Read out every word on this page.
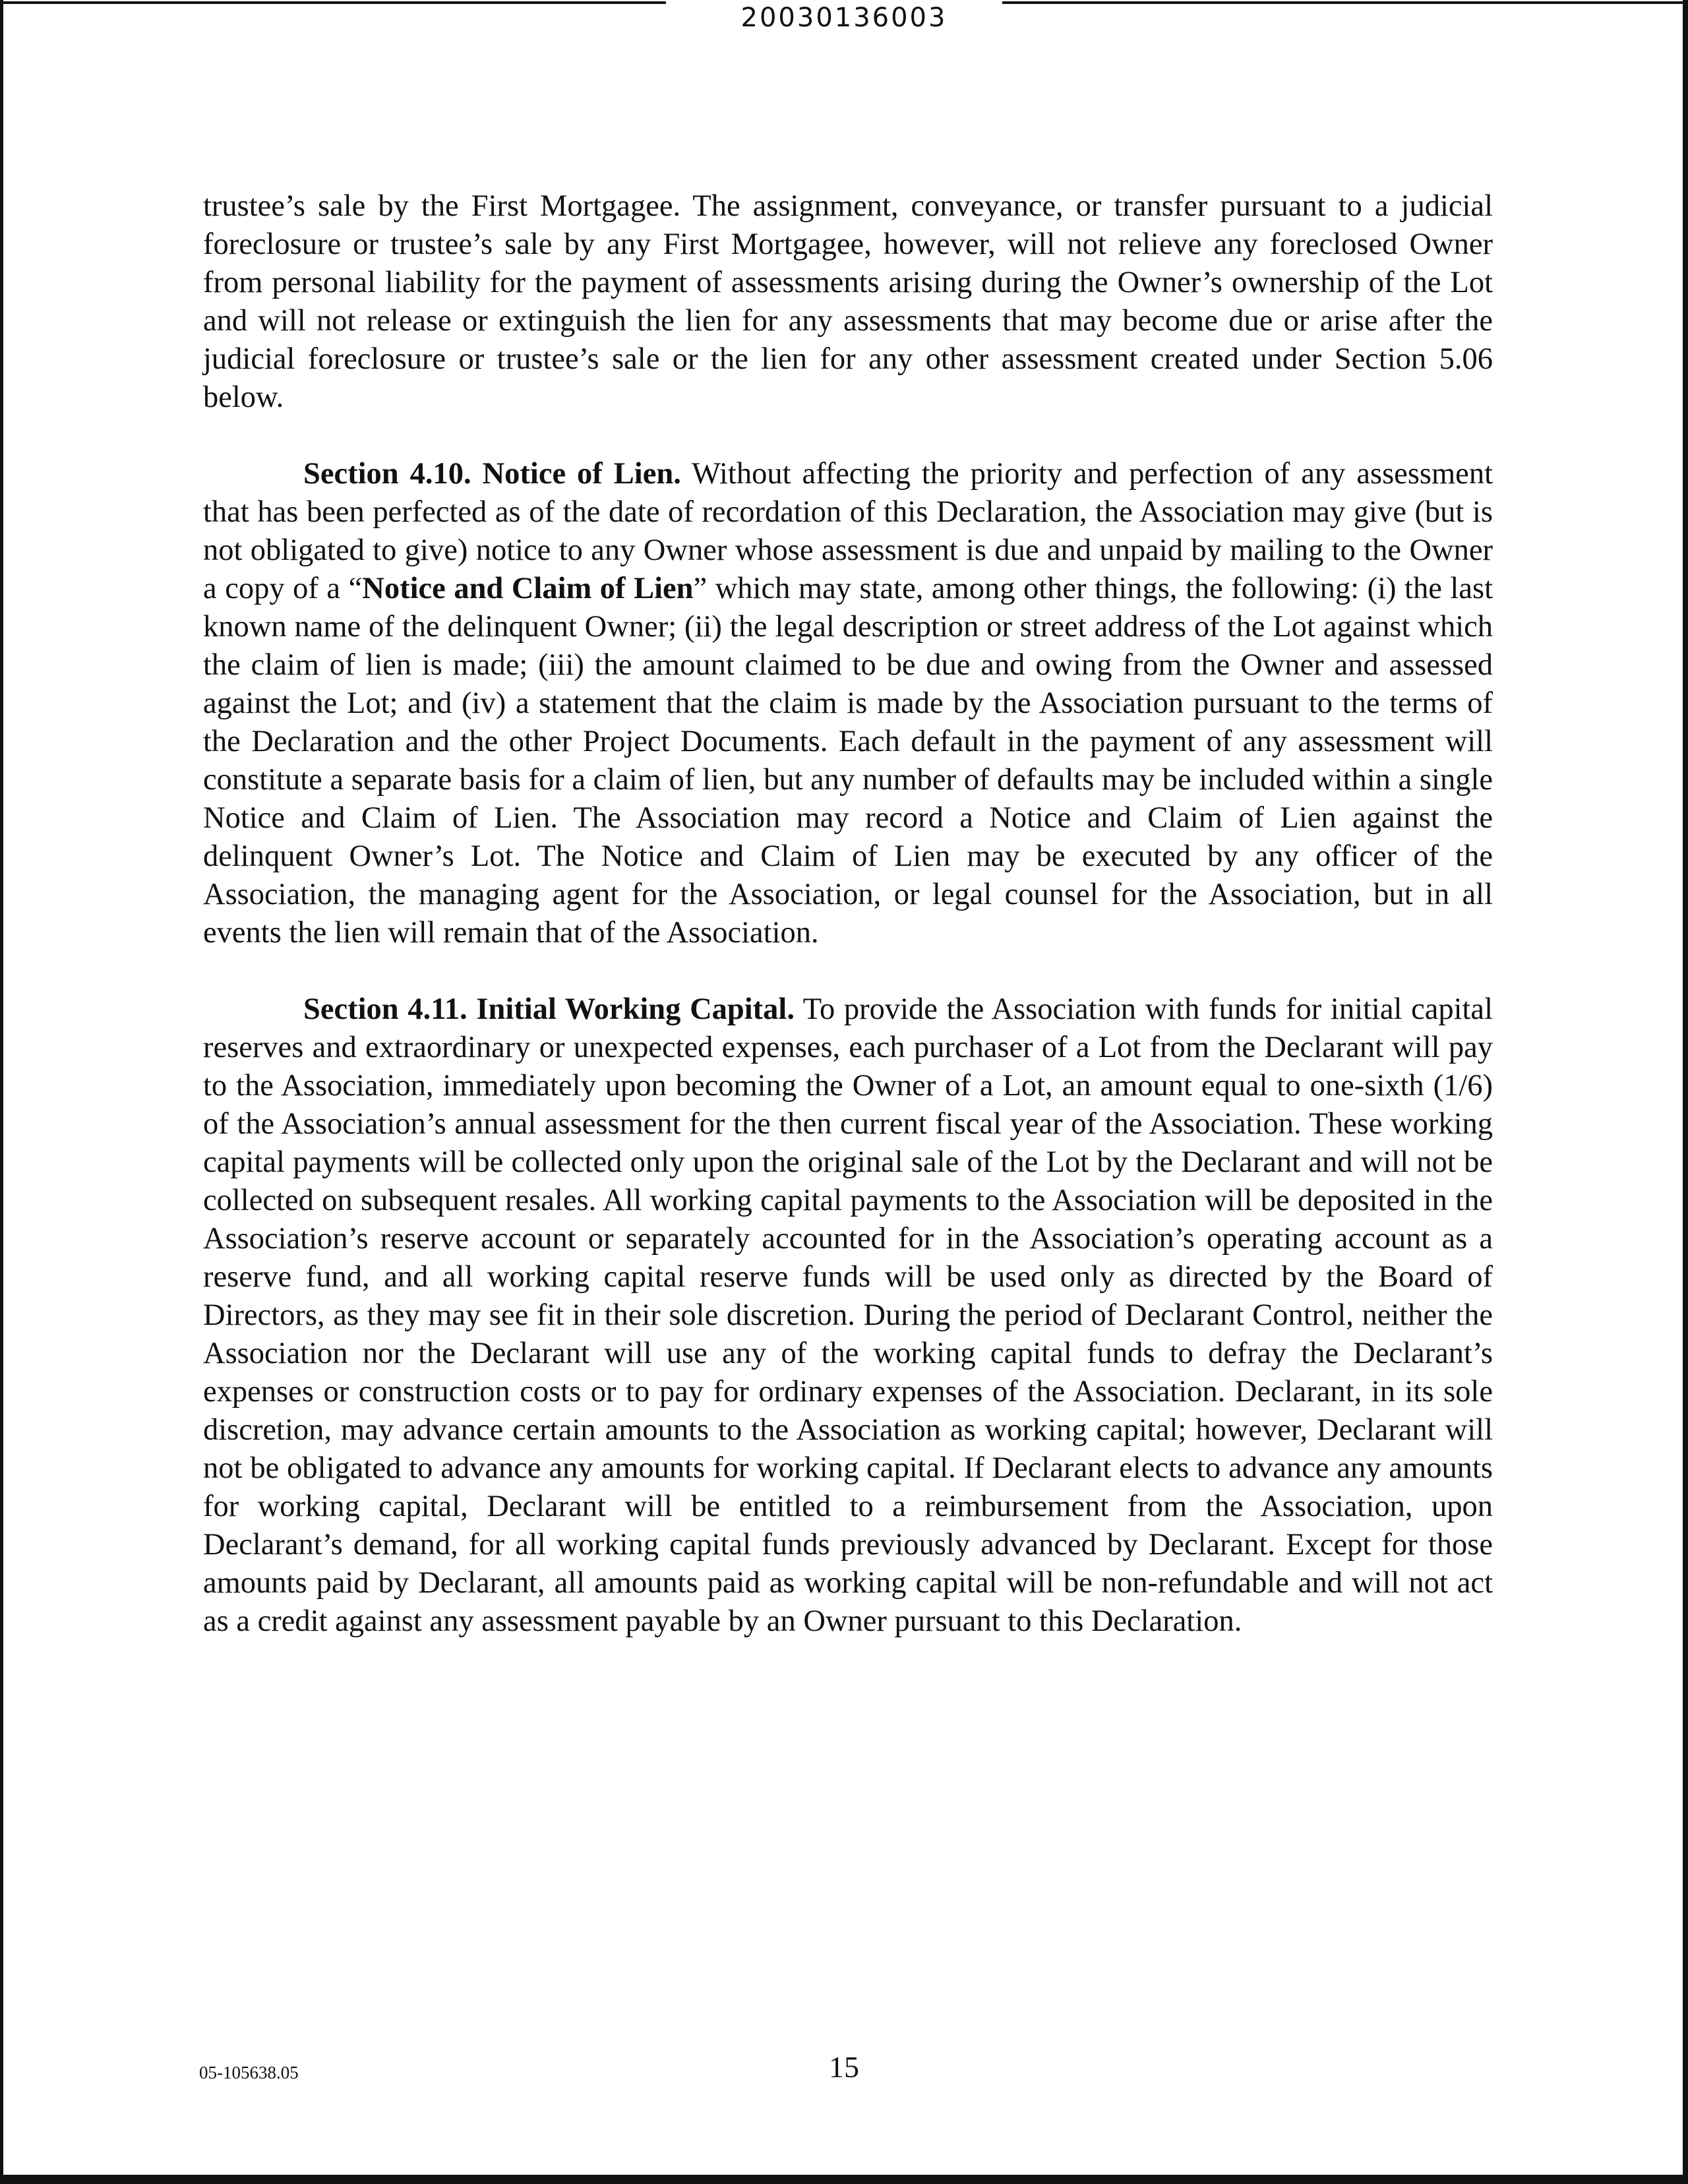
20030136003

trustee’s sale by the First Mortgagee. The assignment, conveyance, or transfer pursuant to a judicial foreclosure or trustee’s sale by any First Mortgagee, however, will not relieve any foreclosed Owner from personal liability for the payment of assessments arising during the Owner’s ownership of the Lot and will not release or extinguish the lien for any assessments that may become due or arise after the judicial foreclosure or trustee’s sale or the lien for any other assessment created under Section 5.06 below.

Section 4.10. Notice of Lien. Without affecting the priority and perfection of any assessment that has been perfected as of the date of recordation of this Declaration, the Association may give (but is not obligated to give) notice to any Owner whose assessment is due and unpaid by mailing to the Owner a copy of a “Notice and Claim of Lien” which may state, among other things, the following: (i) the last known name of the delinquent Owner; (ii) the legal description or street address of the Lot against which the claim of lien is made; (iii) the amount claimed to be due and owing from the Owner and assessed against the Lot; and (iv) a statement that the claim is made by the Association pursuant to the terms of the Declaration and the other Project Documents. Each default in the payment of any assessment will constitute a separate basis for a claim of lien, but any number of defaults may be included within a single Notice and Claim of Lien. The Association may record a Notice and Claim of Lien against the delinquent Owner’s Lot. The Notice and Claim of Lien may be executed by any officer of the Association, the managing agent for the Association, or legal counsel for the Association, but in all events the lien will remain that of the Association.

Section 4.11. Initial Working Capital. To provide the Association with funds for initial capital reserves and extraordinary or unexpected expenses, each purchaser of a Lot from the Declarant will pay to the Association, immediately upon becoming the Owner of a Lot, an amount equal to one-sixth (1/6) of the Association’s annual assessment for the then current fiscal year of the Association. These working capital payments will be collected only upon the original sale of the Lot by the Declarant and will not be collected on subsequent resales. All working capital payments to the Association will be deposited in the Association’s reserve account or separately accounted for in the Association’s operating account as a reserve fund, and all working capital reserve funds will be used only as directed by the Board of Directors, as they may see fit in their sole discretion. During the period of Declarant Control, neither the Association nor the Declarant will use any of the working capital funds to defray the Declarant’s expenses or construction costs or to pay for ordinary expenses of the Association. Declarant, in its sole discretion, may advance certain amounts to the Association as working capital; however, Declarant will not be obligated to advance any amounts for working capital. If Declarant elects to advance any amounts for working capital, Declarant will be entitled to a reimbursement from the Association, upon Declarant’s demand, for all working capital funds previously advanced by Declarant. Except for those amounts paid by Declarant, all amounts paid as working capital will be non-refundable and will not act as a credit against any assessment payable by an Owner pursuant to this Declaration.

05-105638.05	15
